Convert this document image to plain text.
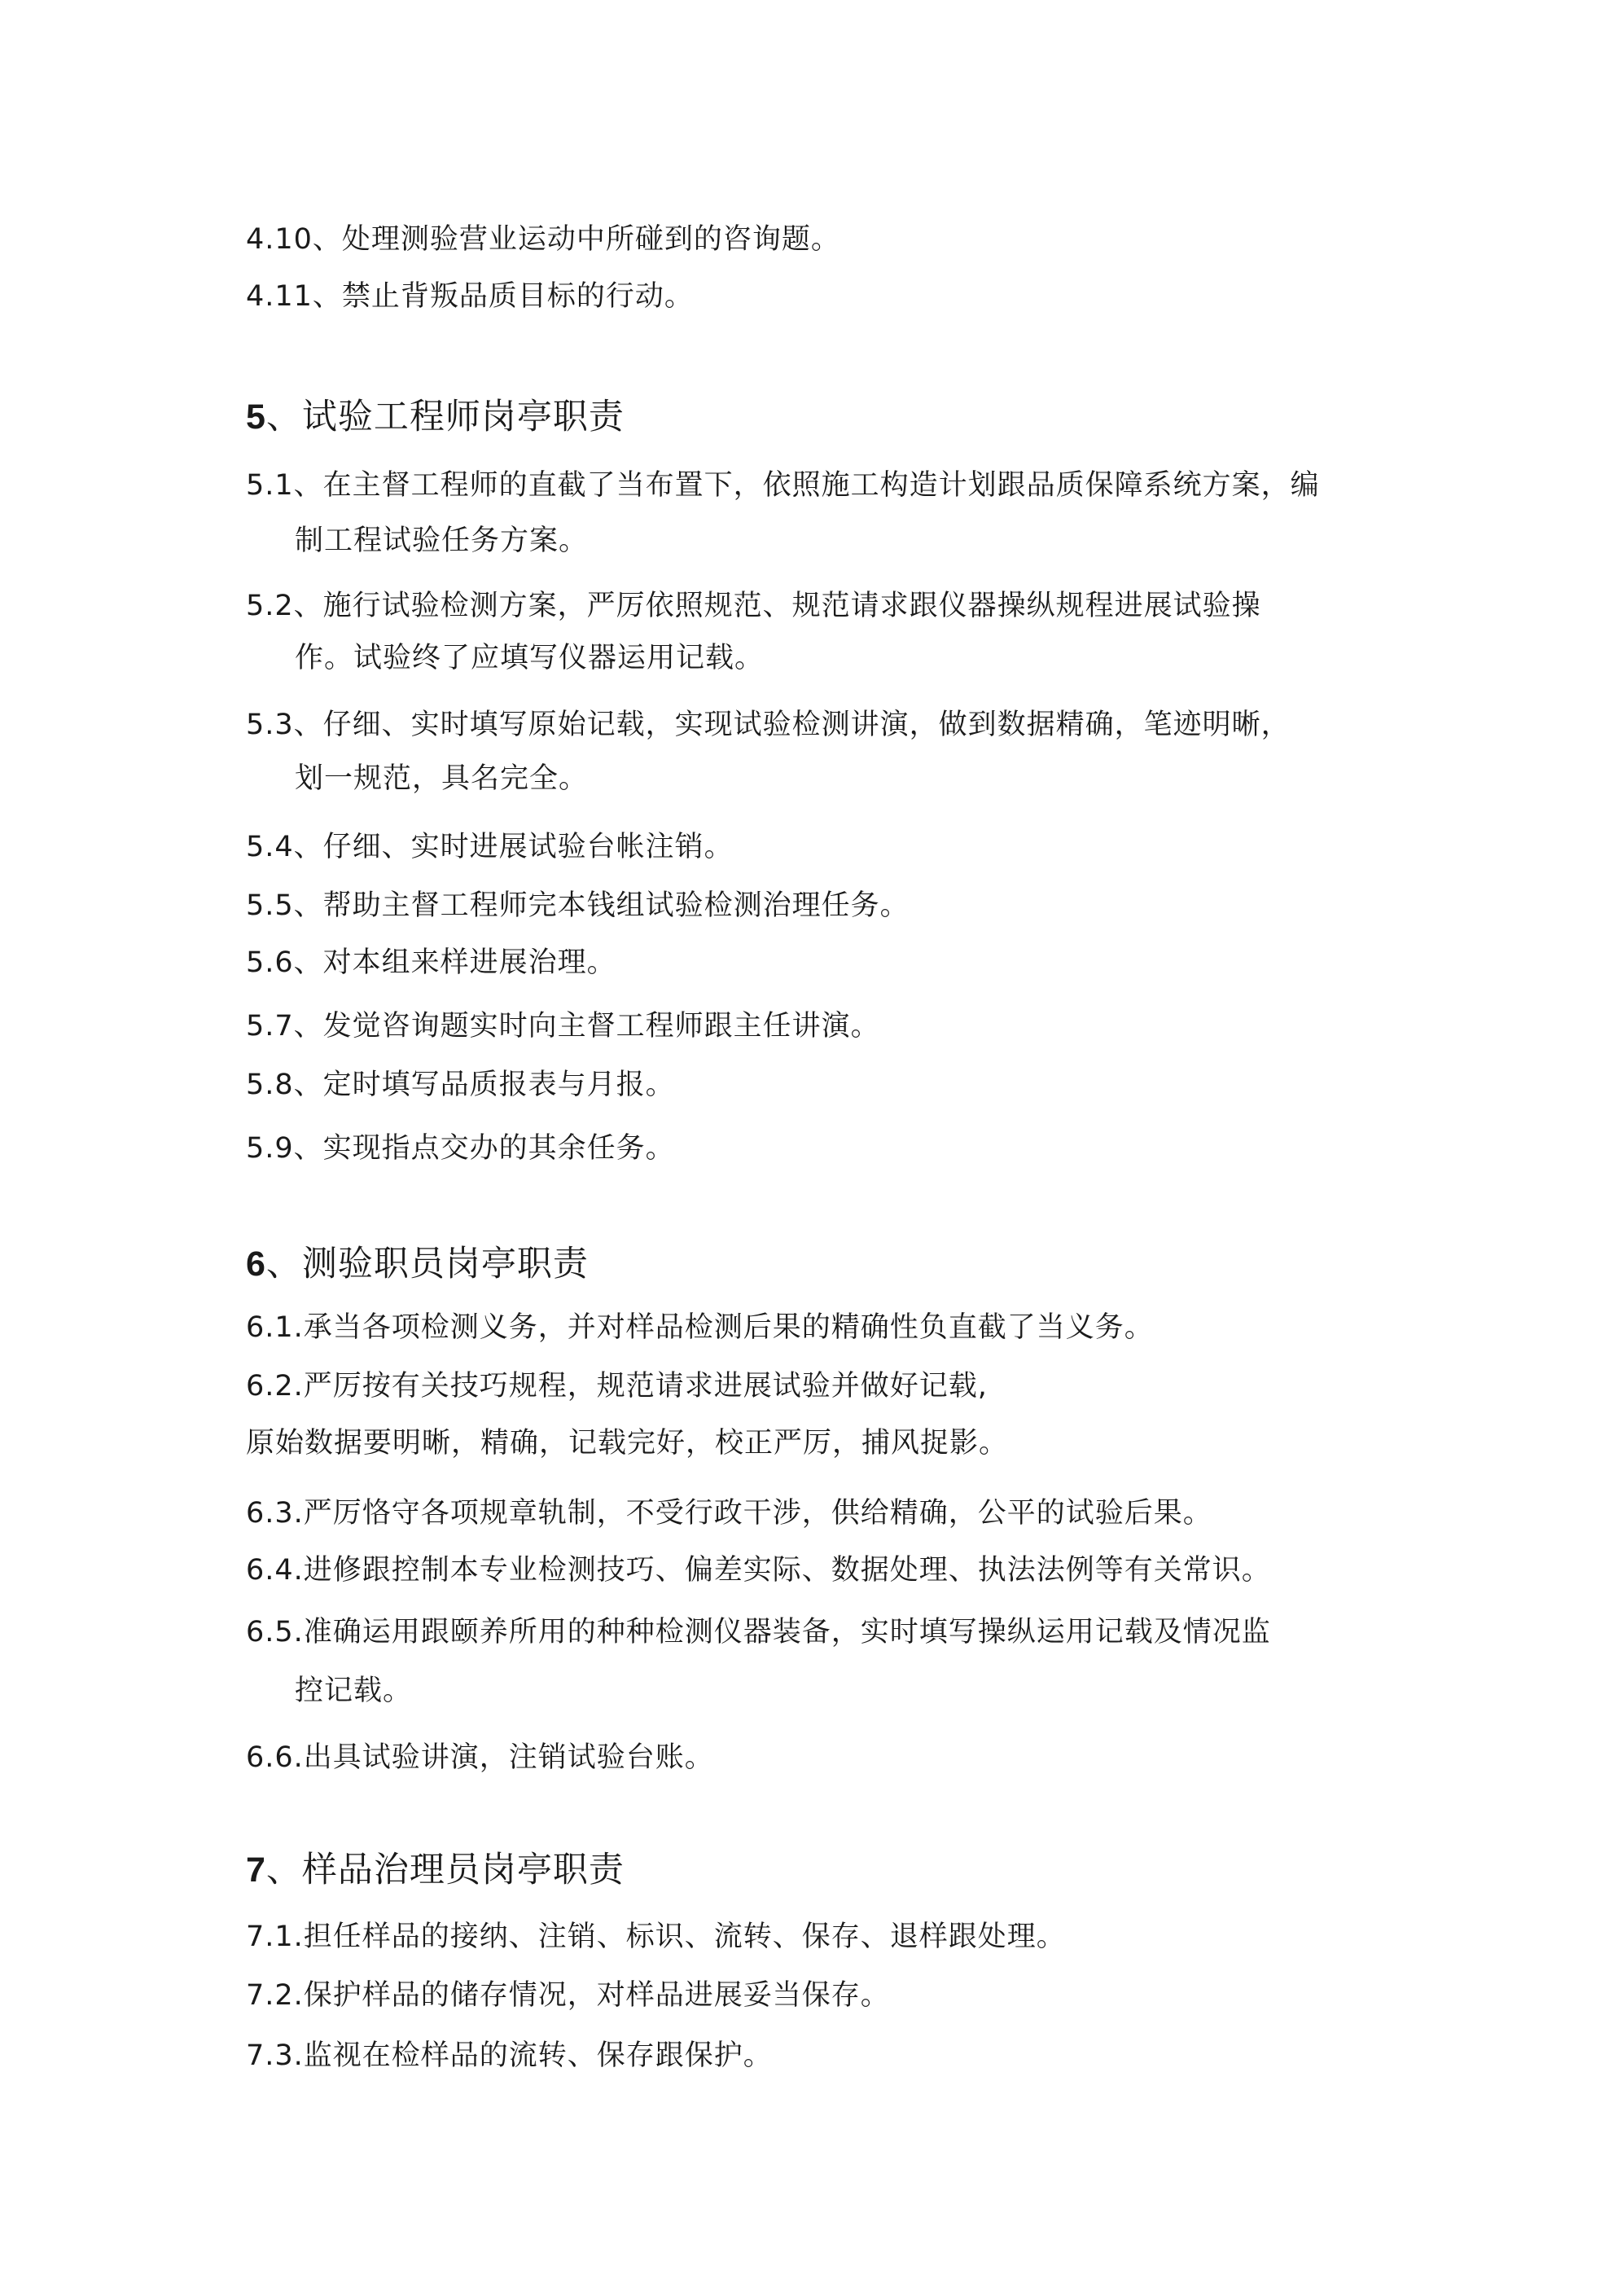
4.10、处理测验营业运动中所碰到的咨询题。
4.11、禁止背叛品质目标的行动。
5、试验工程师岗亭职责
5.1、在主督工程师的直截了当布置下，依照施工构造计划跟品质保障系统方案，编
制工程试验任务方案。
5.2、施行试验检测方案，严厉依照规范、规范请求跟仪器操纵规程进展试验操
作。试验终了应填写仪器运用记载。
5.3、仔细、实时填写原始记载，实现试验检测讲演，做到数据精确，笔迹明晰，
划一规范，具名完全。
5.4、仔细、实时进展试验台帐注销。
5.5、帮助主督工程师完本钱组试验检测治理任务。
5.6、对本组来样进展治理。
5.7、发觉咨询题实时向主督工程师跟主任讲演。
5.8、定时填写品质报表与月报。
5.9、实现指点交办的其余任务。
6、测验职员岗亭职责
6.1.承当各项检测义务，并对样品检测后果的精确性负直截了当义务。
6.2.严厉按有关技巧规程，规范请求进展试验并做好记载,
原始数据要明晰，精确，记载完好，校正严厉，捕风捉影。
6.3.严厉恪守各项规章轨制，不受行政干涉，供给精确，公平的试验后果。
6.4.进修跟控制本专业检测技巧、偏差实际、数据处理、执法法例等有关常识。
6.5.准确运用跟颐养所用的种种检测仪器装备，实时填写操纵运用记载及情况监
控记载。
6.6.出具试验讲演，注销试验台账。
7、样品治理员岗亭职责
7.1.担任样品的接纳、注销、标识、流转、保存、退样跟处理。
7.2.保护样品的储存情况，对样品进展妥当保存。
7.3.监视在检样品的流转、保存跟保护。
